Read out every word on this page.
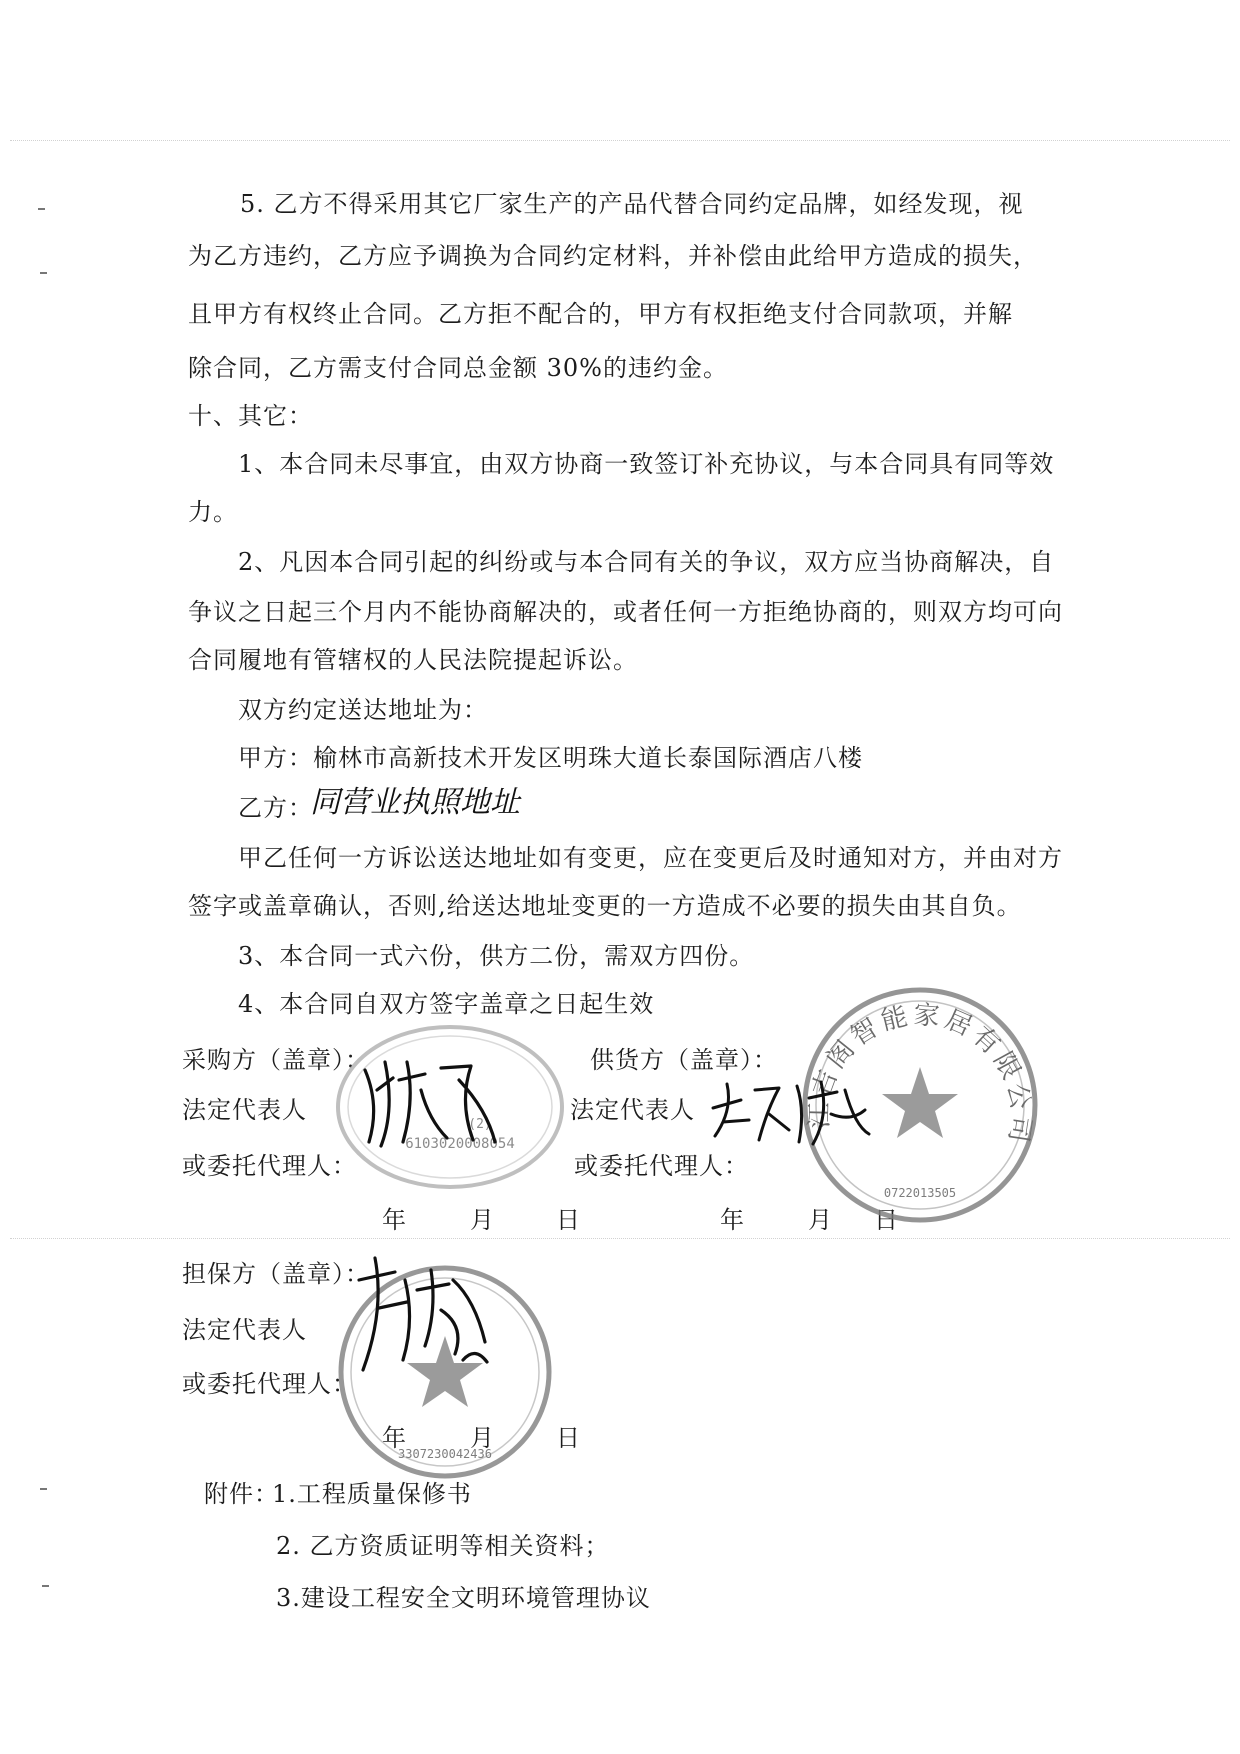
5. 乙方不得采用其它厂家生产的产品代替合同约定品牌，如经发现，视
为乙方违约，乙方应予调换为合同约定材料，并补偿由此给甲方造成的损失，
且甲方有权终止合同。乙方拒不配合的，甲方有权拒绝支付合同款项，并解
除合同，乙方需支付合同总金额 30%的违约金。
十、其它：
1、本合同未尽事宜，由双方协商一致签订补充协议，与本合同具有同等效
力。
2、凡因本合同引起的纠纷或与本合同有关的争议，双方应当协商解决，自
争议之日起三个月内不能协商解决的，或者任何一方拒绝协商的，则双方均可向
合同履地有管辖权的人民法院提起诉讼。
双方约定送达地址为：
甲方：榆林市高新技术开发区明珠大道长泰国际酒店八楼
乙方：
同营业执照地址
甲乙任何一方诉讼送达地址如有变更，应在变更后及时通知对方，并由对方
签字或盖章确认，否则,给送达地址变更的一方造成不必要的损失由其自负。
3、本合同一式六份，供方二份，需双方四份。
4、本合同自双方签字盖章之日起生效
采购方（盖章）：	供货方（盖章）：
法定代表人	法定代表人
或委托代理人：	或委托代理人：
年	月	日	年	月 日
担保方（盖章）：
法定代表人
或委托代理人：
年	月	日
附件：
1.工程质量保修书
2. 乙方资质证明等相关资料；
3.建设工程安全文明环境管理协议
(2)
6103020008054
江吉阁智能家居有限公司
0722013505
3307230042436
